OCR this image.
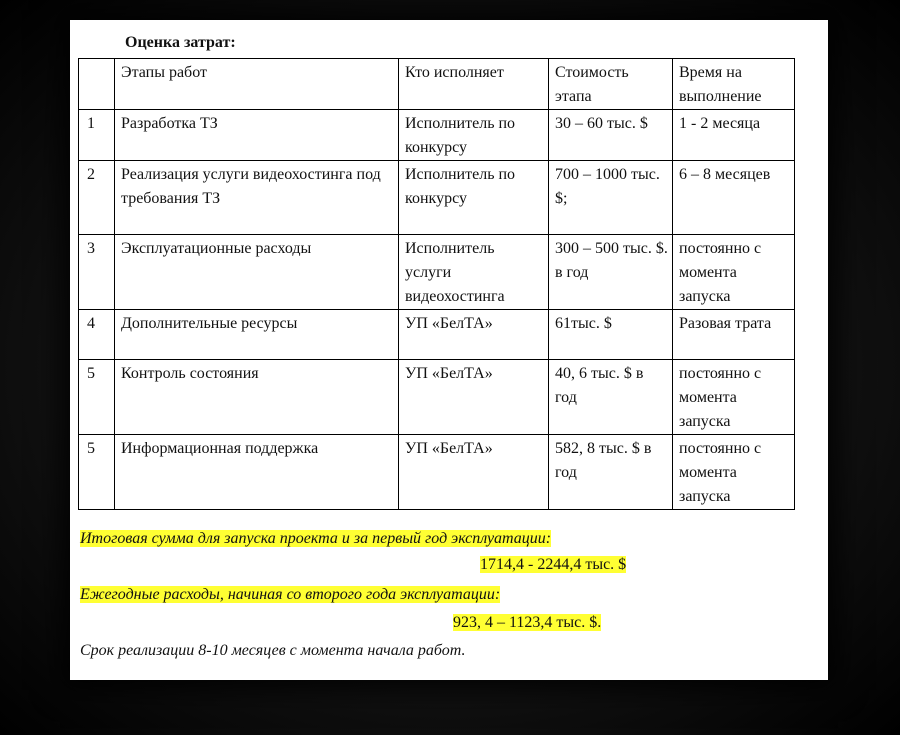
Оценка затрат:
	Этапы работ	Кто исполняет	Стоимость этапа	Время на выполнение
1	Разработка ТЗ	Исполнитель по конкурсу	30 – 60 тыс. $	1 - 2 месяца
2	Реализация услуги видеохостинга под требования ТЗ	Исполнитель по конкурсу	700 – 1000 тыс. $;	6 – 8 месяцев
3	Эксплуатационные расходы	Исполнитель услуги видеохостинга	300 – 500 тыс. $. в год	постоянно с момента запуска
4	Дополнительные ресурсы	УП «БелТА»	61тыс. $	Разовая трата
5	Контроль состояния	УП «БелТА»	40, 6 тыс. $ в год	постоянно с момента запуска
5	Информационная поддержка	УП «БелТА»	582, 8 тыс. $ в год	постоянно с момента запуска
Итоговая сумма для запуска проекта и за первый год эксплуатации:
1714,4 - 2244,4 тыс. $
Ежегодные расходы, начиная со второго года эксплуатации:
923, 4 – 1123,4 тыс. $.
Срок реализации 8-10 месяцев с момента начала работ.
